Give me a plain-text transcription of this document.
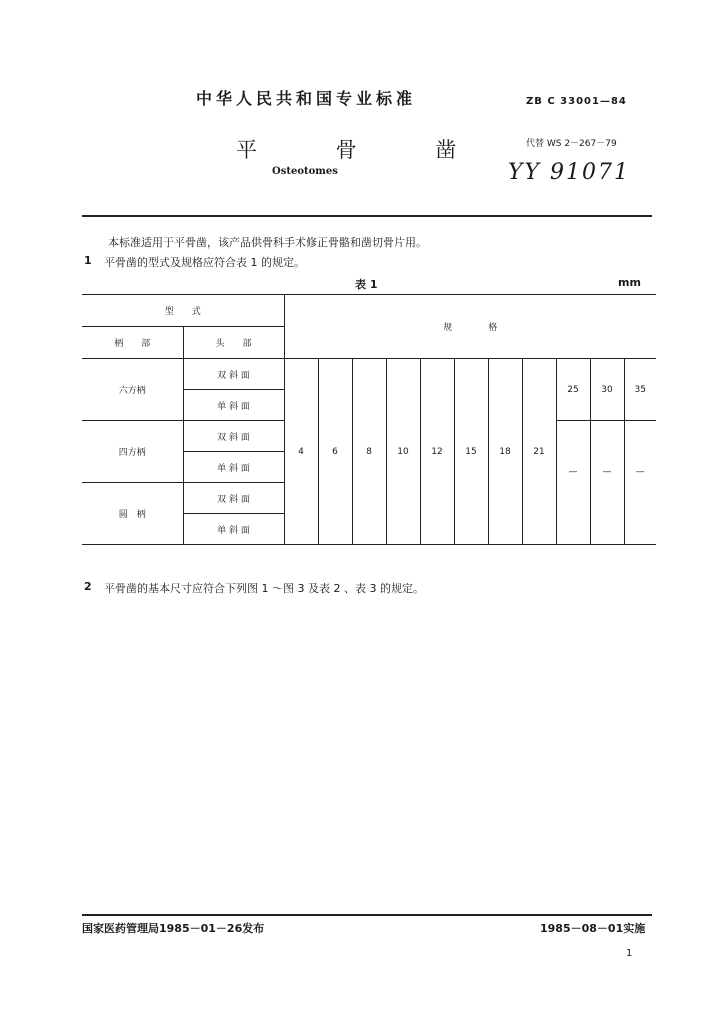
中华人民共和国专业标准	ZB C 33001—84
平 骨 凿	代替 WS 2－267－79
YY 91071
Osteotomes
本标准适用于平骨凿，该产品供骨科手术修正骨骼和凿切骨片用。
1 平骨凿的型式及规格应符合表 1 的规定。
表 1	mm
型　　式		规　　　　格										
柄　　部	头　　部											
六方柄	双 斜 面	4	6	8	10	12	15	18	21	25	30	35
	单 斜 面											
四方柄	双 斜 面									—	—	—
	单 斜 面											
圆　柄	双 斜 面											
	单 斜 面											
2 平骨凿的基本尺寸应符合下列图 1 ～图 3 及表 2 、表 3 的规定。
国家医药管理局1985－01－26发布	1985－08－01实施
1
